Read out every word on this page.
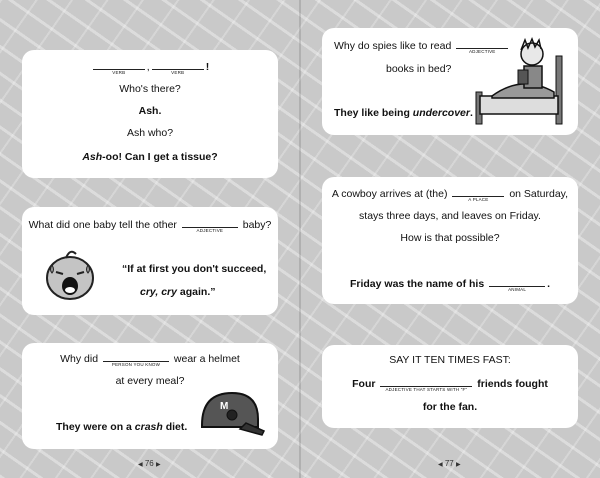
VERB	,	VERB	!
Who's there?
Ash.
Ash who?
Ash-oo! Can I get a tissue?
What did one baby tell the other	ADJECTIVE	baby?
“If at first you don't succeed,
cry, cry again.”
Why did	PERSON YOU KNOW	wear a helmet
at every meal?
They were on a crash diet.
M
◀ 76 ▶
Why do spies like to read	ADJECTIVE
books in bed?
They like being undercover.
A cowboy arrives at (the)	A PLACE	on Saturday,
stays three days, and leaves on Friday.
How is that possible?
Friday was the name of his	ANIMAL	.
SAY IT TEN TIMES FAST:
Four	ADJECTIVE THAT STARTS WITH "F" friends fought
for the fan.
◀ 77 ▶
